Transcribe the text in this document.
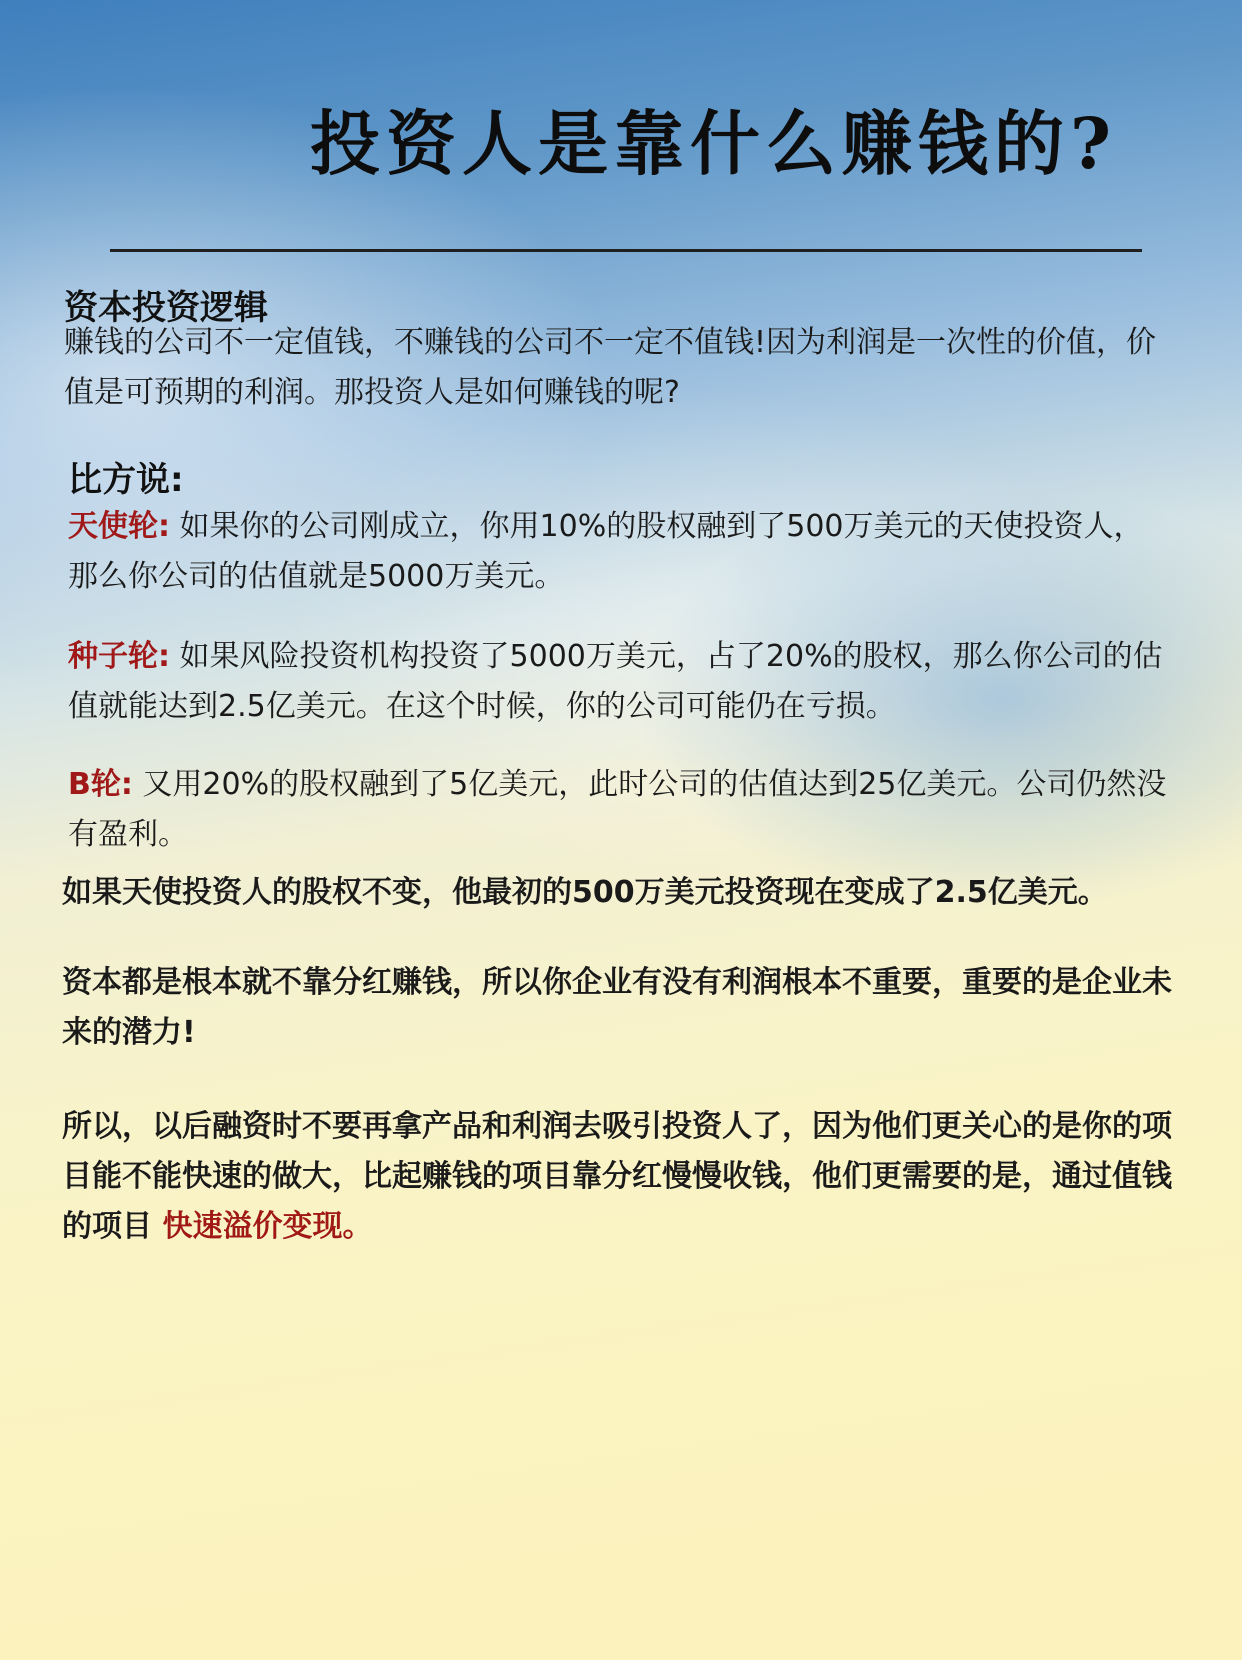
投资人是靠什么赚钱的?
资本投资逻辑
赚钱的公司不一定值钱，不赚钱的公司不一定不值钱!因为利润是一次性的价值，价值是可预期的利润。那投资人是如何赚钱的呢?
比方说:
天使轮: 如果你的公司刚成立，你用10%的股权融到了500万美元的天使投资人，那么你公司的估值就是5000万美元。
种子轮: 如果风险投资机构投资了5000万美元，占了20%的股权，那么你公司的估值就能达到2.5亿美元。在这个时候，你的公司可能仍在亏损。
B轮: 又用20%的股权融到了5亿美元，此时公司的估值达到25亿美元。公司仍然没有盈利。
如果天使投资人的股权不变，他最初的500万美元投资现在变成了2.5亿美元。
资本都是根本就不靠分红赚钱，所以你企业有没有利润根本不重要，重要的是企业未来的潜力!
所以，以后融资时不要再拿产品和利润去吸引投资人了，因为他们更关心的是你的项目能不能快速的做大，比起赚钱的项目靠分红慢慢收钱，他们更需要的是，通过值钱的项目 快速溢价变现。
